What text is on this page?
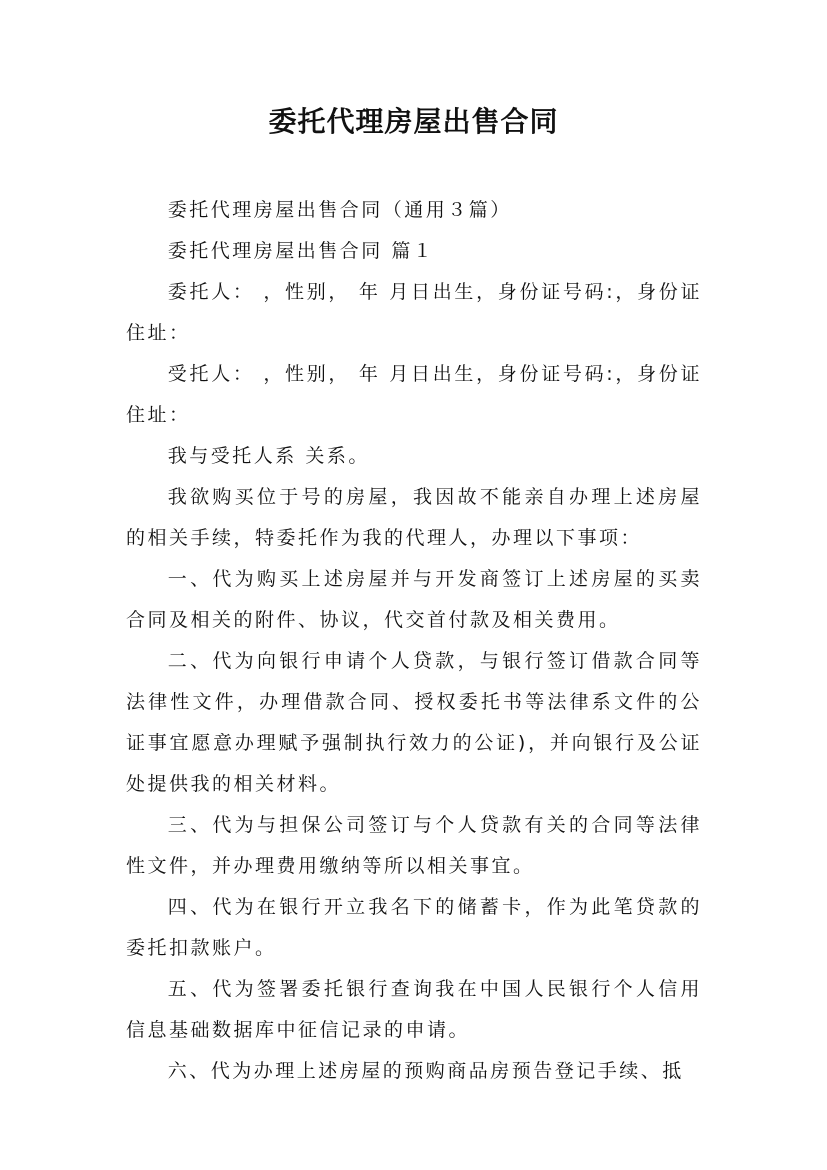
委托代理房屋出售合同

委托代理房屋出售合同（通用３篇）

委托代理房屋出售合同 篇１

委托人： ，性别， 年 月日出生，身份证号码:，身份证住址：

受托人： ，性别， 年 月日出生，身份证号码:，身份证住址：

我与受托人系 关系。

我欲购买位于号的房屋，我因故不能亲自办理上述房屋的相关手续，特委托作为我的代理人，办理以下事项：

一、代为购买上述房屋并与开发商签订上述房屋的买卖合同及相关的附件、协议，代交首付款及相关费用。

二、代为向银行申请个人贷款，与银行签订借款合同等法律性文件，办理借款合同、授权委托书等法律系文件的公证事宜愿意办理赋予强制执行效力的公证)，并向银行及公证处提供我的相关材料。

三、代为与担保公司签订与个人贷款有关的合同等法律性文件，并办理费用缴纳等所以相关事宜。

四、代为在银行开立我名下的储蓄卡，作为此笔贷款的委托扣款账户。

五、代为签署委托银行查询我在中国人民银行个人信用信息基础数据库中征信记录的申请。

六、代为办理上述房屋的预购商品房预告登记手续、抵
